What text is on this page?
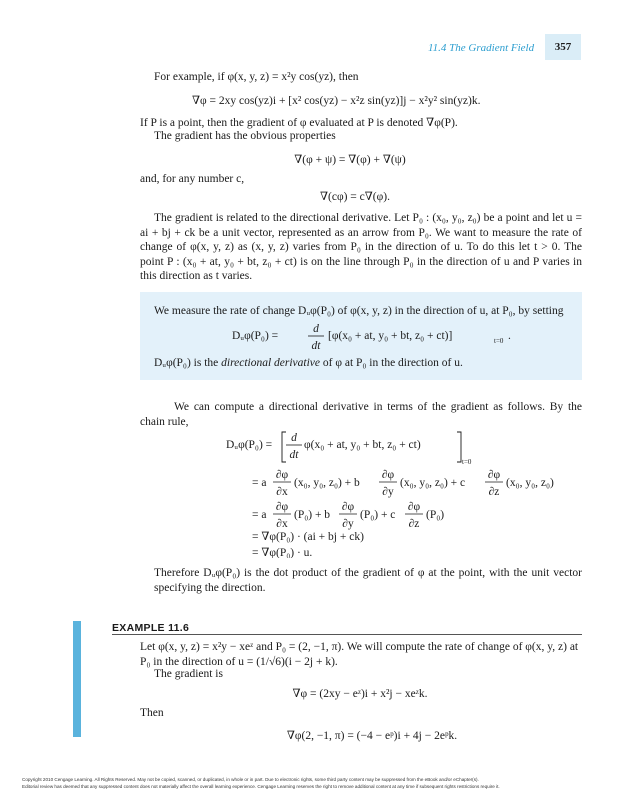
11.4 The Gradient Field	357
For example, if φ(x, y, z) = x²y cos(yz), then
∇φ = 2xy cos(yz)i + [x² cos(yz) − x²z sin(yz)]j − x²y² sin(yz)k.
If P is a point, then the gradient of φ evaluated at P is denoted ∇φ(P).
The gradient has the obvious properties
∇(φ + ψ) = ∇(φ) + ∇(ψ)
and, for any number c,
∇(cφ) = c∇(φ).
The gradient is related to the directional derivative. Let P₀ : (x₀, y₀, z₀) be a point and let u = ai + bj + ck be a unit vector, represented as an arrow from P₀. We want to measure the rate of change of φ(x, y, z) as (x, y, z) varies from P₀ in the direction of u. To do this let t > 0. The point P : (x₀ + at, y₀ + bt, z₀ + ct) is on the line through P₀ in the direction of u and P varies in this direction as t varies.
We measure the rate of change Dᵤφ(P₀) of φ(x, y, z) in the direction of u, at P₀, by setting
Dᵤφ(P₀) =
d
dt
[φ(x₀ + at, y₀ + bt, z₀ + ct)]	t=0 .
Dᵤφ(P₀) is the directional derivative of φ at P₀ in the direction of u.
We can compute a directional derivative in terms of the gradient as follows. By the chain rule,
Dᵤφ(P₀) =
d
dt
φ(x₀ + at, y₀ + bt, z₀ + ct)
t=0
= a
∂φ
∂x
(x₀, y₀, z₀) + b
∂φ
∂y
(x₀, y₀, z₀) + c
∂φ
∂z
(x₀, y₀, z₀)
= a
∂φ
∂x
(P₀) + b
∂φ
∂y
(P₀) + c
∂φ
∂z
(P₀)
= ∇φ(P₀) · (ai + bj + ck)
= ∇φ(P₀) · u.
Therefore Dᵤφ(P₀) is the dot product of the gradient of φ at the point, with the unit vector specifying the direction.
EXAMPLE 11.6
Let φ(x, y, z) = x²y − xeᶻ and P₀ = (2, −1, π). We will compute the rate of change of φ(x, y, z) at P₀ in the direction of u = (1/√6)(i − 2j + k).
The gradient is
∇φ = (2xy − eᶻ)i + x²j − xeᶻk.
Then
∇φ(2, −1, π) = (−4 − eᵖ)i + 4j − 2eᵖk.
Copyright 2010 Cengage Learning. All Rights Reserved. May not be copied, scanned, or duplicated, in whole or in part. Due to electronic rights, some third party content may be suppressed from the eBook and/or eChapter(s).
Editorial review has deemed that any suppressed content does not materially affect the overall learning experience. Cengage Learning reserves the right to remove additional content at any time if subsequent rights restrictions require it.
